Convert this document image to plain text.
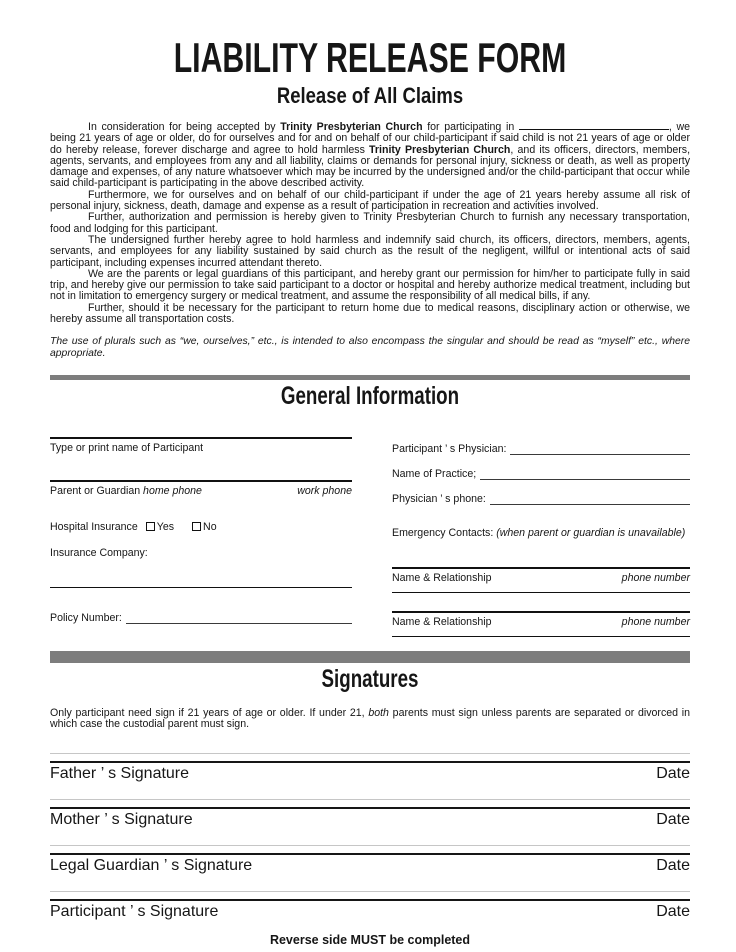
LIABILITY RELEASE FORM
Release of All Claims

In consideration for being accepted by Trinity Presbyterian Church for participating in	, we being 21 years of age or older, do for ourselves and for and on behalf of our child-participant if said child is not 21 years of age or older do hereby release, forever discharge and agree to hold harmless Trinity Presbyterian Church, and its officers, directors, members, agents, servants, and employees from any and all liability, claims or demands for personal injury, sickness or death, as well as property damage and expenses, of any nature whatsoever which may be incurred by the undersigned and/or the child-participant that occur while said child-participant is participating in the above described activity.

Furthermore, we for ourselves and on behalf of our child-participant if under the age of 21 years hereby assume all risk of personal injury, sickness, death, damage and expense as a result of participation in recreation and activities involved.

Further, authorization and permission is hereby given to Trinity Presbyterian Church to furnish any necessary transportation, food and lodging for this participant.

The undersigned further hereby agree to hold harmless and indemnify said church, its officers, directors, members, agents, servants, and employees for any liability sustained by said church as the result of the negligent, willful or intentional acts of said participant, including expenses incurred attendant thereto.

We are the parents or legal guardians of this participant, and hereby grant our permission for him/her to participate fully in said trip, and hereby give our permission to take said participant to a doctor or hospital and hereby authorize medical treatment, including but not in limitation to emergency surgery or medical treatment, and assume the responsibility of all medical bills, if any.

Further, should it be necessary for the participant to return home due to medical reasons, disciplinary action or otherwise, we hereby assume all transportation costs.

The use of plurals such as “we, ourselves,” etc., is intended to also encompass the singular and should be read as “myself” etc., where appropriate.

General Information
Type or print name of Participant
Parent or Guardian home phone	work phone
Hospital Insurance Yes	No
Insurance Company:
Policy Number:
Participant ’ s Physician:
Name of Practice;
Physician ’ s phone:
Emergency Contacts: (when parent or guardian is unavailable)
Name & Relationship	phone number
Name & Relationship	phone number
Signatures

Only participant need sign if 21 years of age or older. If under 21, both parents must sign unless parents are separated or divorced in which case the custodial parent must sign.

Father ’ s Signature	Date
Mother ’ s Signature	Date
Legal Guardian ’ s Signature	Date
Participant ’ s Signature	Date

Reverse side MUST be completed
